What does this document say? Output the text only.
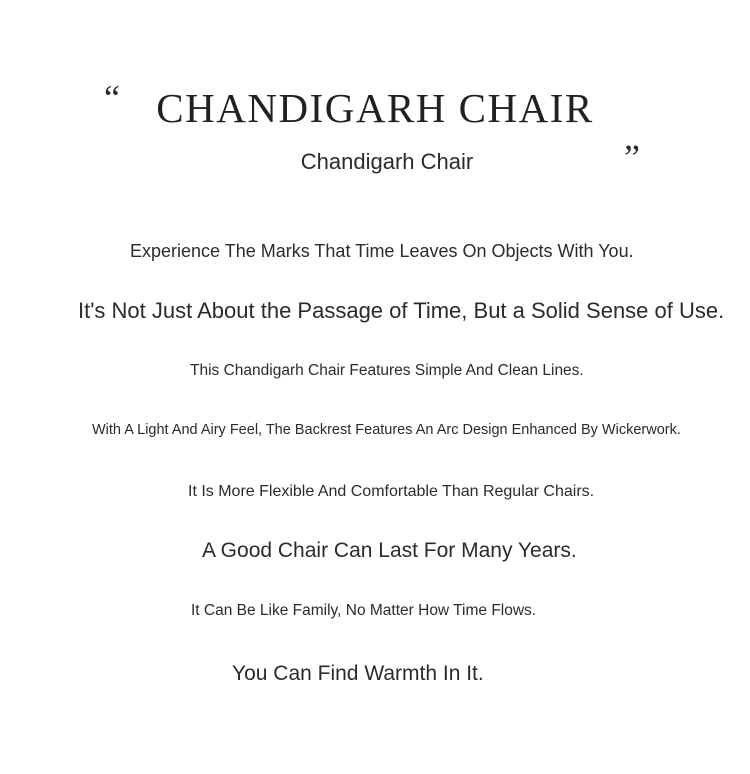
“ CHANDIGARH CHAIR
„
Chandigarh Chair
Experience The Marks That Time Leaves On Objects With You.
It's Not Just About the Passage of Time, But a Solid Sense of Use.
This Chandigarh Chair Features Simple And Clean Lines.
With A Light And Airy Feel, The Backrest Features An Arc Design Enhanced By Wickerwork.
It Is More Flexible And Comfortable Than Regular Chairs.
A Good Chair Can Last For Many Years.
It Can Be Like Family, No Matter How Time Flows.
You Can Find Warmth In It.
